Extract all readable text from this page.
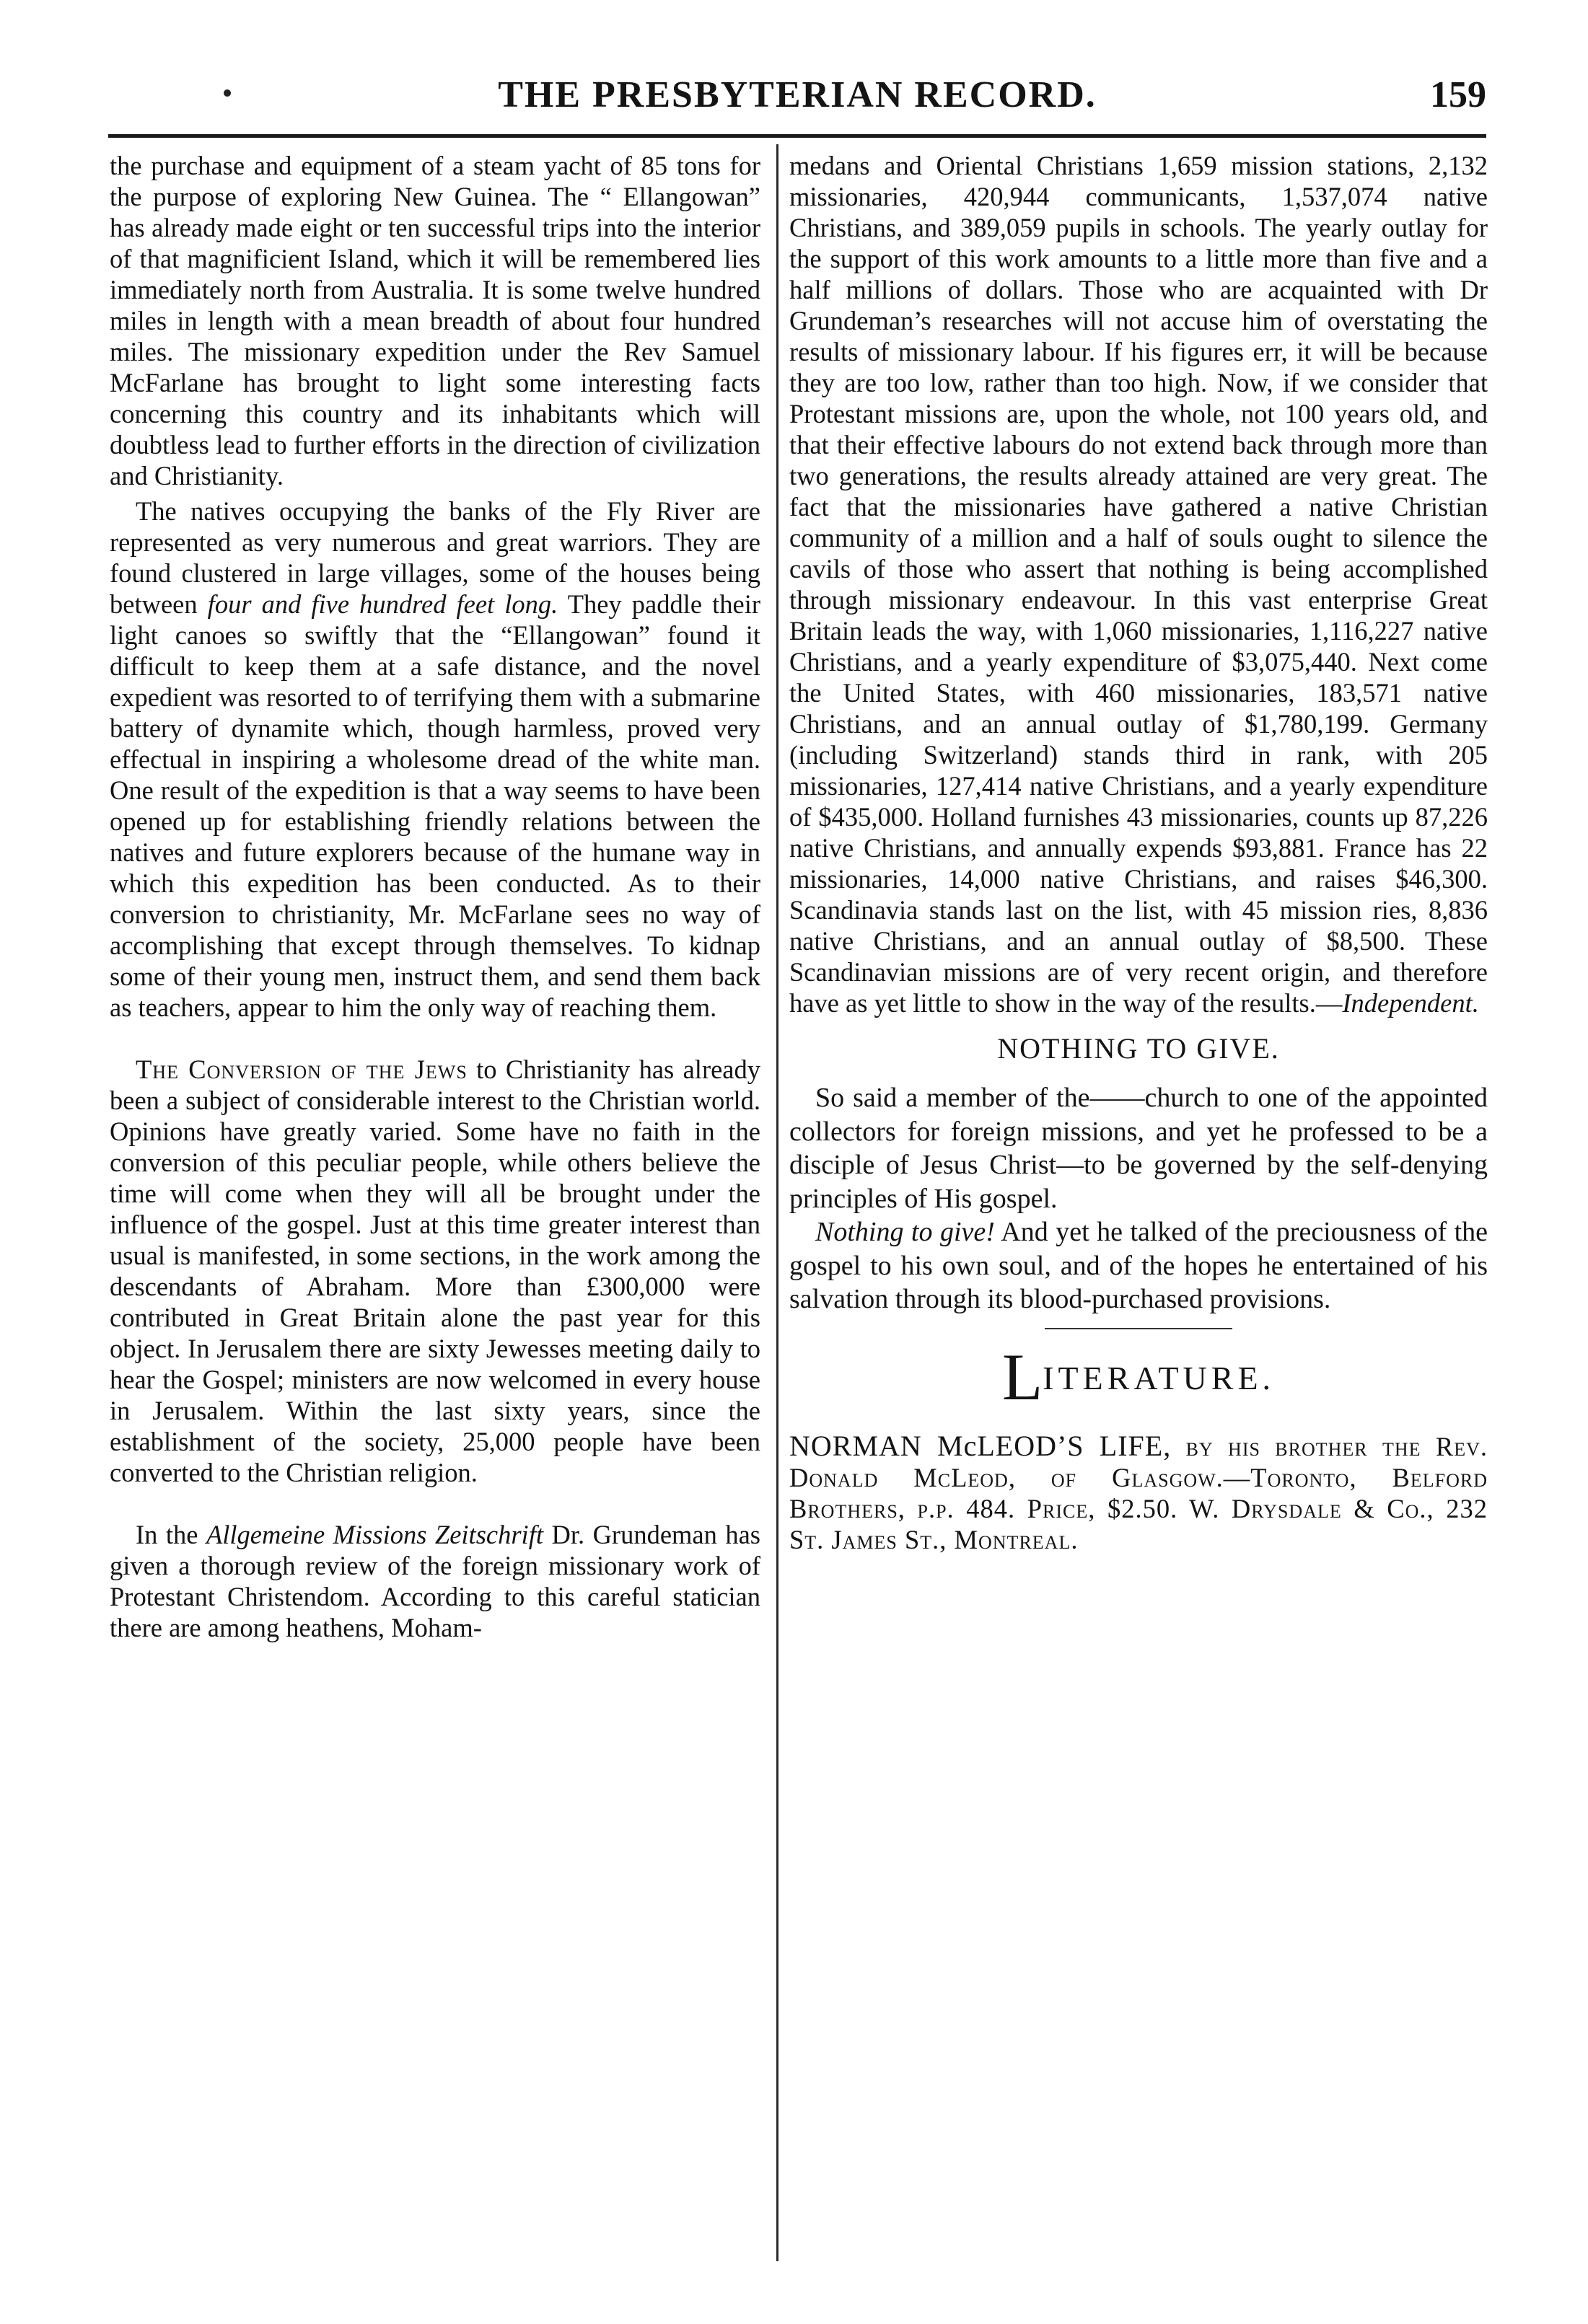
THE PRESBYTERIAN RECORD.	159

the purchase and equipment of a steam yacht of 85 tons for the purpose of exploring New Guinea. The “ Ellangowan” has already made eight or ten successful trips into the interior of that magnificient Island, which it will be remembered lies immediately north from Australia. It is some twelve hundred miles in length with a mean breadth of about four hundred miles. The missionary expedition under the Rev Samuel McFarlane has brought to light some interesting facts concerning this country and its inhabitants which will doubtless lead to further efforts in the direction of civilization and Christianity.

The natives occupying the banks of the Fly River are represented as very numerous and great warriors. They are found clustered in large villages, some of the houses being between four and five hundred feet long. They paddle their light canoes so swiftly that the “Ellangowan” found it difficult to keep them at a safe distance, and the novel expedient was resorted to of terrifying them with a submarine battery of dynamite which, though harmless, proved very effectual in inspiring a wholesome dread of the white man. One result of the expedition is that a way seems to have been opened up for establishing friendly relations between the natives and future explorers because of the humane way in which this expedition has been conducted. As to their conversion to christianity, Mr. McFarlane sees no way of accomplishing that except through themselves. To kidnap some of their young men, instruct them, and send them back as teachers, appear to him the only way of reaching them.

The Conversion of the Jews to Christianity has already been a subject of considerable interest to the Christian world. Opinions have greatly varied. Some have no faith in the conversion of this peculiar people, while others believe the time will come when they will all be brought under the influence of the gospel. Just at this time greater interest than usual is manifested, in some sections, in the work among the descendants of Abraham. More than £300,000 were contributed in Great Britain alone the past year for this object. In Jerusalem there are sixty Jewesses meeting daily to hear the Gospel; ministers are now welcomed in every house in Jerusalem. Within the last sixty years, since the establishment of the society, 25,000 people have been converted to the Christian religion.

In the Allgemeine Missions Zeitschrift Dr. Grundeman has given a thorough review of the foreign missionary work of Protestant Christendom. According to this careful statician there are among heathens, Moham-

medans and Oriental Christians 1,659 mission stations, 2,132 missionaries, 420,944 communicants, 1,537,074 native Christians, and 389,059 pupils in schools. The yearly outlay for the support of this work amounts to a little more than five and a half millions of dollars. Those who are acquainted with Dr Grundeman’s researches will not accuse him of overstating the results of missionary labour. If his figures err, it will be because they are too low, rather than too high. Now, if we consider that Protestant missions are, upon the whole, not 100 years old, and that their effective labours do not extend back through more than two generations, the results already attained are very great. The fact that the missionaries have gathered a native Christian community of a million and a half of souls ought to silence the cavils of those who assert that nothing is being accomplished through missionary endeavour. In this vast enterprise Great Britain leads the way, with 1,060 missionaries, 1,116,227 native Christians, and a yearly expenditure of $3,075,440. Next come the United States, with 460 missionaries, 183,571 native Christians, and an annual outlay of $1,780,199. Germany (including Switzerland) stands third in rank, with 205 missionaries, 127,414 native Christians, and a yearly expenditure of $435,000. Holland furnishes 43 missionaries, counts up 87,226 native Christians, and annually expends $93,881. France has 22 missionaries, 14,000 native Christians, and raises $46,300. Scandinavia stands last on the list, with 45 mission ries, 8,836 native Christians, and an annual outlay of $8,500. These Scandinavian missions are of very recent origin, and therefore have as yet little to show in the way of the results.—Independent.

NOTHING TO GIVE.

So said a member of the——church to one of the appointed collectors for foreign missions, and yet he professed to be a disciple of Jesus Christ—to be governed by the self-denying principles of His gospel.

Nothing to give! And yet he talked of the preciousness of the gospel to his own soul, and of the hopes he entertained of his salvation through its blood-purchased provisions.

LITERATURE.

NORMAN McLEOD’S LIFE, by his brother the Rev. Donald McLeod, of Glasgow.—Toronto, Belford Brothers, p.p. 484. Price, $2.50. W. Drysdale & Co., 232 St. James St., Montreal.
